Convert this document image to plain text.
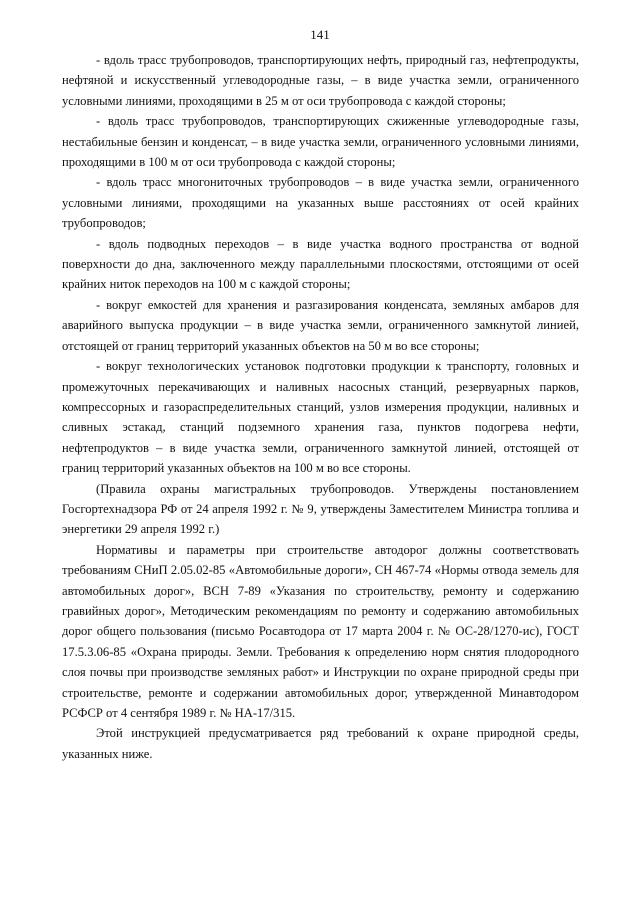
141

- вдоль трасс трубопроводов, транспортирующих нефть, природный газ, нефтепродукты, нефтяной и искусственный углеводородные газы, – в виде участка земли, ограниченного условными линиями, проходящими в 25 м от оси трубопровода с каждой стороны;

- вдоль трасс трубопроводов, транспортирующих сжиженные углеводородные газы, нестабильные бензин и конденсат, – в виде участка земли, ограниченного условными линиями, проходящими в 100 м от оси трубопровода с каждой стороны;

- вдоль трасс многониточных трубопроводов – в виде участка земли, ограниченного условными линиями, проходящими на указанных выше расстояниях от осей крайних трубопроводов;

- вдоль подводных переходов – в виде участка водного пространства от водной поверхности до дна, заключенного между параллельными плоскостями, отстоящими от осей крайних ниток переходов на 100 м с каждой стороны;

- вокруг емкостей для хранения и разгазирования конденсата, земляных амбаров для аварийного выпуска продукции – в виде участка земли, ограниченного замкнутой линией, отстоящей от границ территорий указанных объектов на 50 м во все стороны;

- вокруг технологических установок подготовки продукции к транспорту, головных и промежуточных перекачивающих и наливных насосных станций, резервуарных парков, компрессорных и газораспределительных станций, узлов измерения продукции, наливных и сливных эстакад, станций подземного хранения газа, пунктов подогрева нефти, нефтепродуктов – в виде участка земли, ограниченного замкнутой линией, отстоящей от границ территорий указанных объектов на 100 м во все стороны.

(Правила охраны магистральных трубопроводов. Утверждены постановлением Госгортехнадзора РФ от 24 апреля 1992 г. № 9, утверждены Заместителем Министра топлива и энергетики 29 апреля 1992 г.)

Нормативы и параметры при строительстве автодорог должны соответствовать требованиям СНиП 2.05.02-85 «Автомобильные дороги», СН 467-74 «Нормы отвода земель для автомобильных дорог», ВСН 7-89 «Указания по строительству, ремонту и содержанию гравийных дорог», Методическим рекомендациям по ремонту и содержанию автомобильных дорог общего пользования (письмо Росавтодора от 17 марта 2004 г. № ОС-28/1270-ис), ГОСТ 17.5.3.06-85 «Охрана природы. Земли. Требования к определению норм снятия плодородного слоя почвы при производстве земляных работ» и Инструкции по охране природной среды при строительстве, ремонте и содержании автомобильных дорог, утвержденной Минавтодором РСФСР от 4 сентября 1989 г. № НА-17/315.

Этой инструкцией предусматривается ряд требований к охране природной среды, указанных ниже.
